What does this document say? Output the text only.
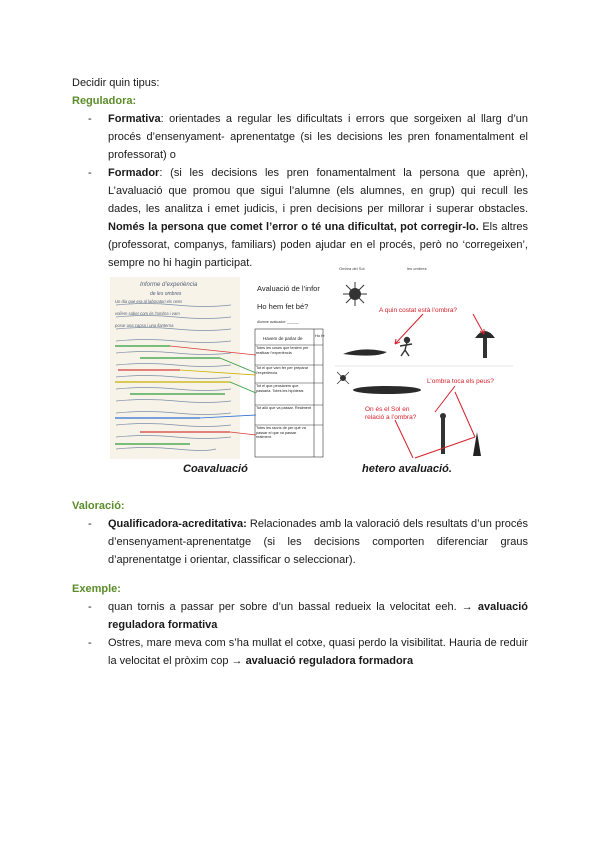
Decidir quin tipus:
Reguladora:

- Formativa: orientades a regular les dificultats i errors que sorgeixen al llarg d’un procés d’ensenyament- aprenentatge (si les decisions les pren fonamentalment el professorat) o

- Formador: (si les decisions les pren fonamentalment la persona que aprèn), L’avaluació que promou que sigui l’alumne (els alumnes, en grup) qui recull les dades, les analitza i emet judicis, i pren decisions per millorar i superar obstacles. Només la persona que comet l’error o té una dificultat, pot corregir-lo. Els altres (professorat, companys, familiars) poden ajudar en el procés, però no ‘corregeixen’, sempre no hi hagin participat.

Informe d’experiència
de les ombres
Un dia que era al laboratori els nens
volíem saber com és l’ombra i vam
posar una capsa i una llanterna
Avaluació de l’infor
Ho hem fet bé?
Alumne avaluador: ______
Havem de parlar de
Ho fe
Totes les coses que teniem per realitzar l’experiència
Tot el que vam fer per preparar l’experiència
Tot el que pensàvem que passaria. Totes les hipòtesis
Tot allò que va passar. Realment
Totes les raons de per què va passar el que va passar realment.
Coavaluació
Ombra del Sol	les ombres
A quin costat està l’ombra?
L’ombra toca els peus?
On és el Sol en relació a l’ombra?
hetero avaluació.
Valoració:

- Qualificadora-acreditativa: Relacionades amb la valoració dels resultats d’un procés d’ensenyament-aprenentatge (si les decisions comporten diferenciar graus d’aprenentatge i orientar, classificar o seleccionar).

Exemple:

- quan tornis a passar per sobre d’un bassal redueix la velocitat eeh. → avaluació reguladora formativa

- Ostres, mare meva com s’ha mullat el cotxe, quasi perdo la visibilitat. Hauria de reduir la velocitat el pròxim cop → avaluació reguladora formadora
